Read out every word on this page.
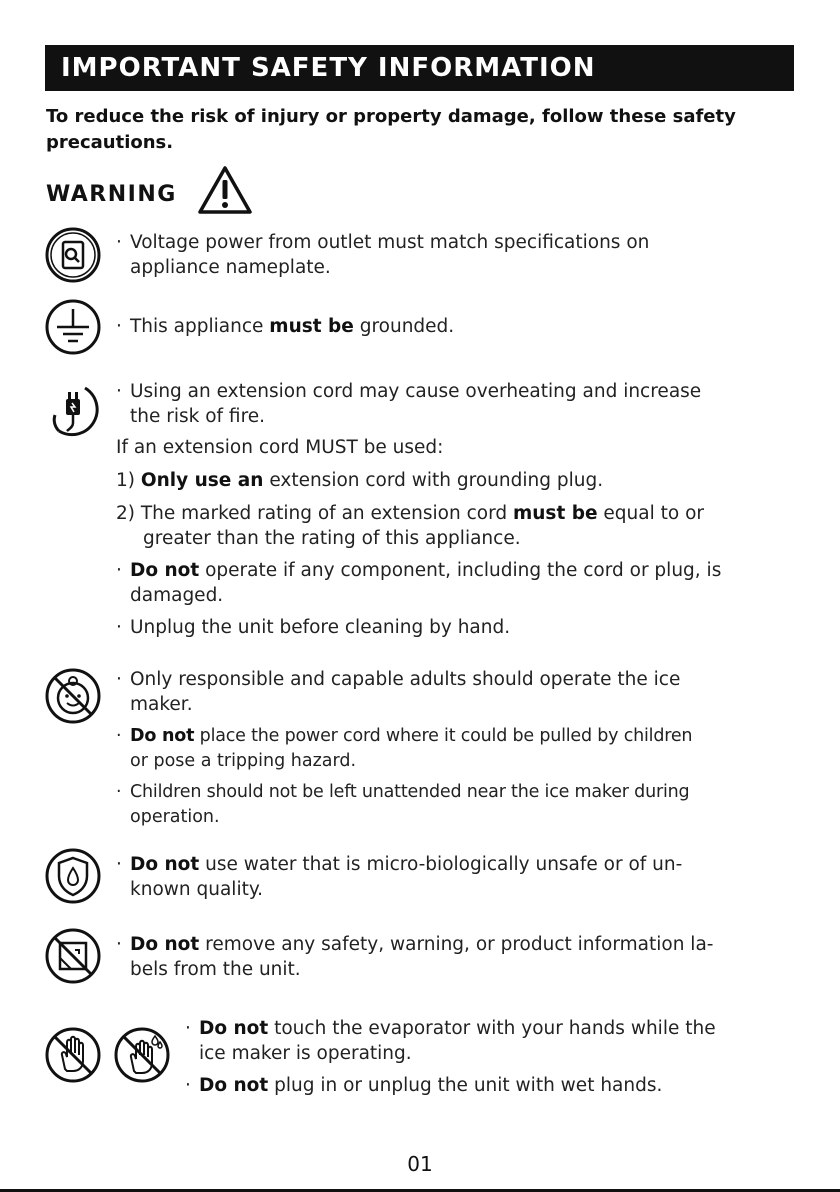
IMPORTANT SAFETY INFORMATION
To reduce the risk of injury or property damage, follow these safety
precautions.
WARNING

· Voltage power from outlet must match specifications on

appliance nameplate.

· This appliance must be grounded.

· Using an extension cord may cause overheating and increase

the risk of fire.

If an extension cord MUST be used:

1) Only use an extension cord with grounding plug.

2) The marked rating of an extension cord must be equal to or

greater than the rating of this appliance.

· Do not operate if any component, including the cord or plug, is

damaged.

· Unplug the unit before cleaning by hand.

· Only responsible and capable adults should operate the ice

maker.

· Do not place the power cord where it could be pulled by children

or pose a tripping hazard.

· Children should not be left unattended near the ice maker during

operation.

· Do not use water that is micro-biologically unsafe or of un-

known quality.

· Do not remove any safety, warning, or product information la-

bels from the unit.

· Do not touch the evaporator with your hands while the

ice maker is operating.

· Do not plug in or unplug the unit with wet hands.

01
